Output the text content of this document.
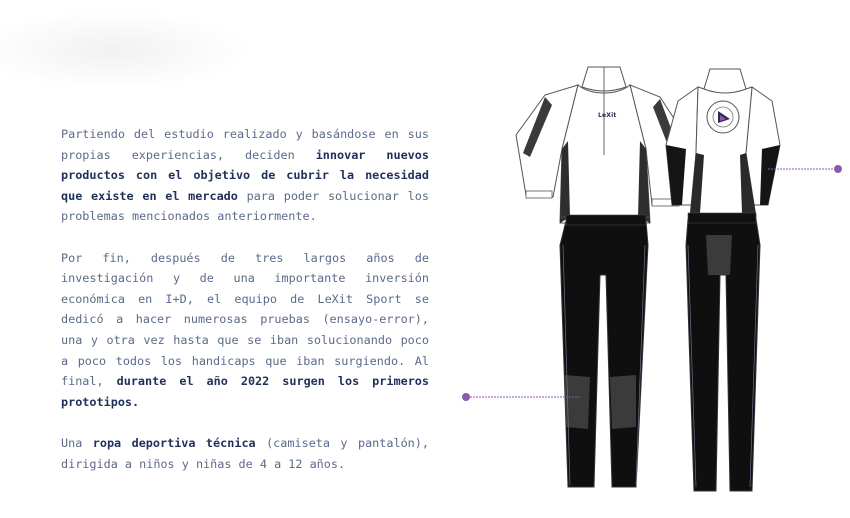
Partiendo del estudio realizado y basándose en sus propias experiencias, deciden innovar nuevos productos con el objetivo de cubrir la necesidad que existe en el mercado para poder solucionar los problemas mencionados anteriormente.

Por fin, después de tres largos años de investigación y de una importante inversión económica en I+D, el equipo de LeXit Sport se dedicó a hacer numerosas pruebas (ensayo-error), una y otra vez hasta que se iban solucionando poco a poco todos los handicaps que iban surgiendo. Al final, durante el año 2022 surgen los primeros prototipos.

Una ropa deportiva técnica (camiseta y pantalón), dirigida a niños y niñas de 4 a 12 años.

LeXit
